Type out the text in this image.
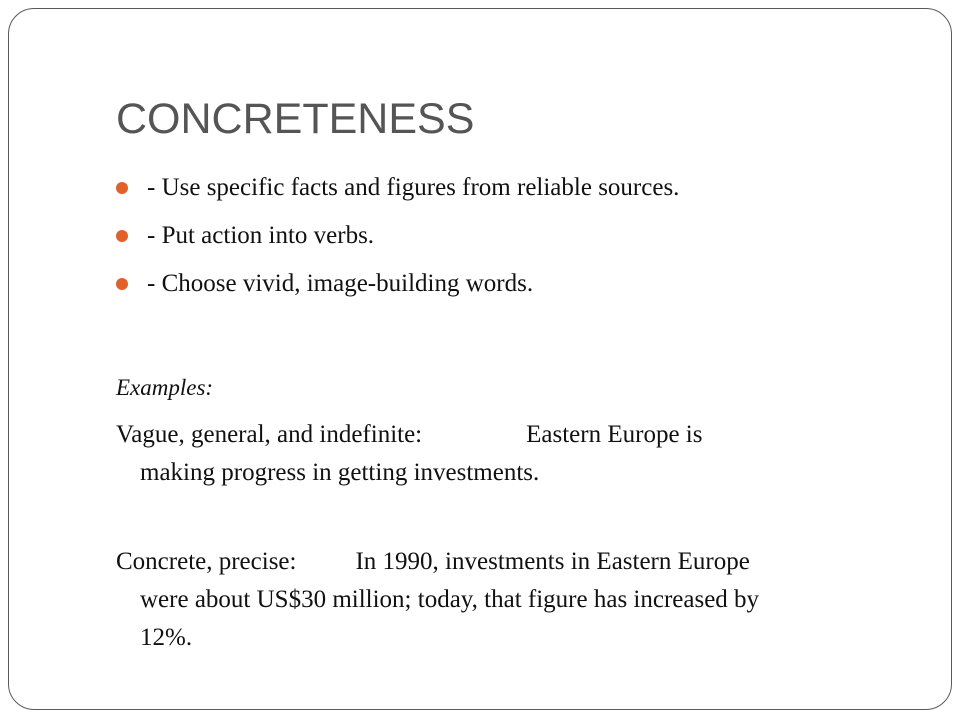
CONCRETENESS
- Use specific facts and figures from reliable sources.
- Put action into verbs.
- Choose vivid, image-building words.
Examples:
Vague, general, and indefinite:	Eastern Europe is
making progress in getting investments.
Concrete, precise: In 1990, investments in Eastern Europe
were about US$30 million; today, that figure has increased by
12%.
